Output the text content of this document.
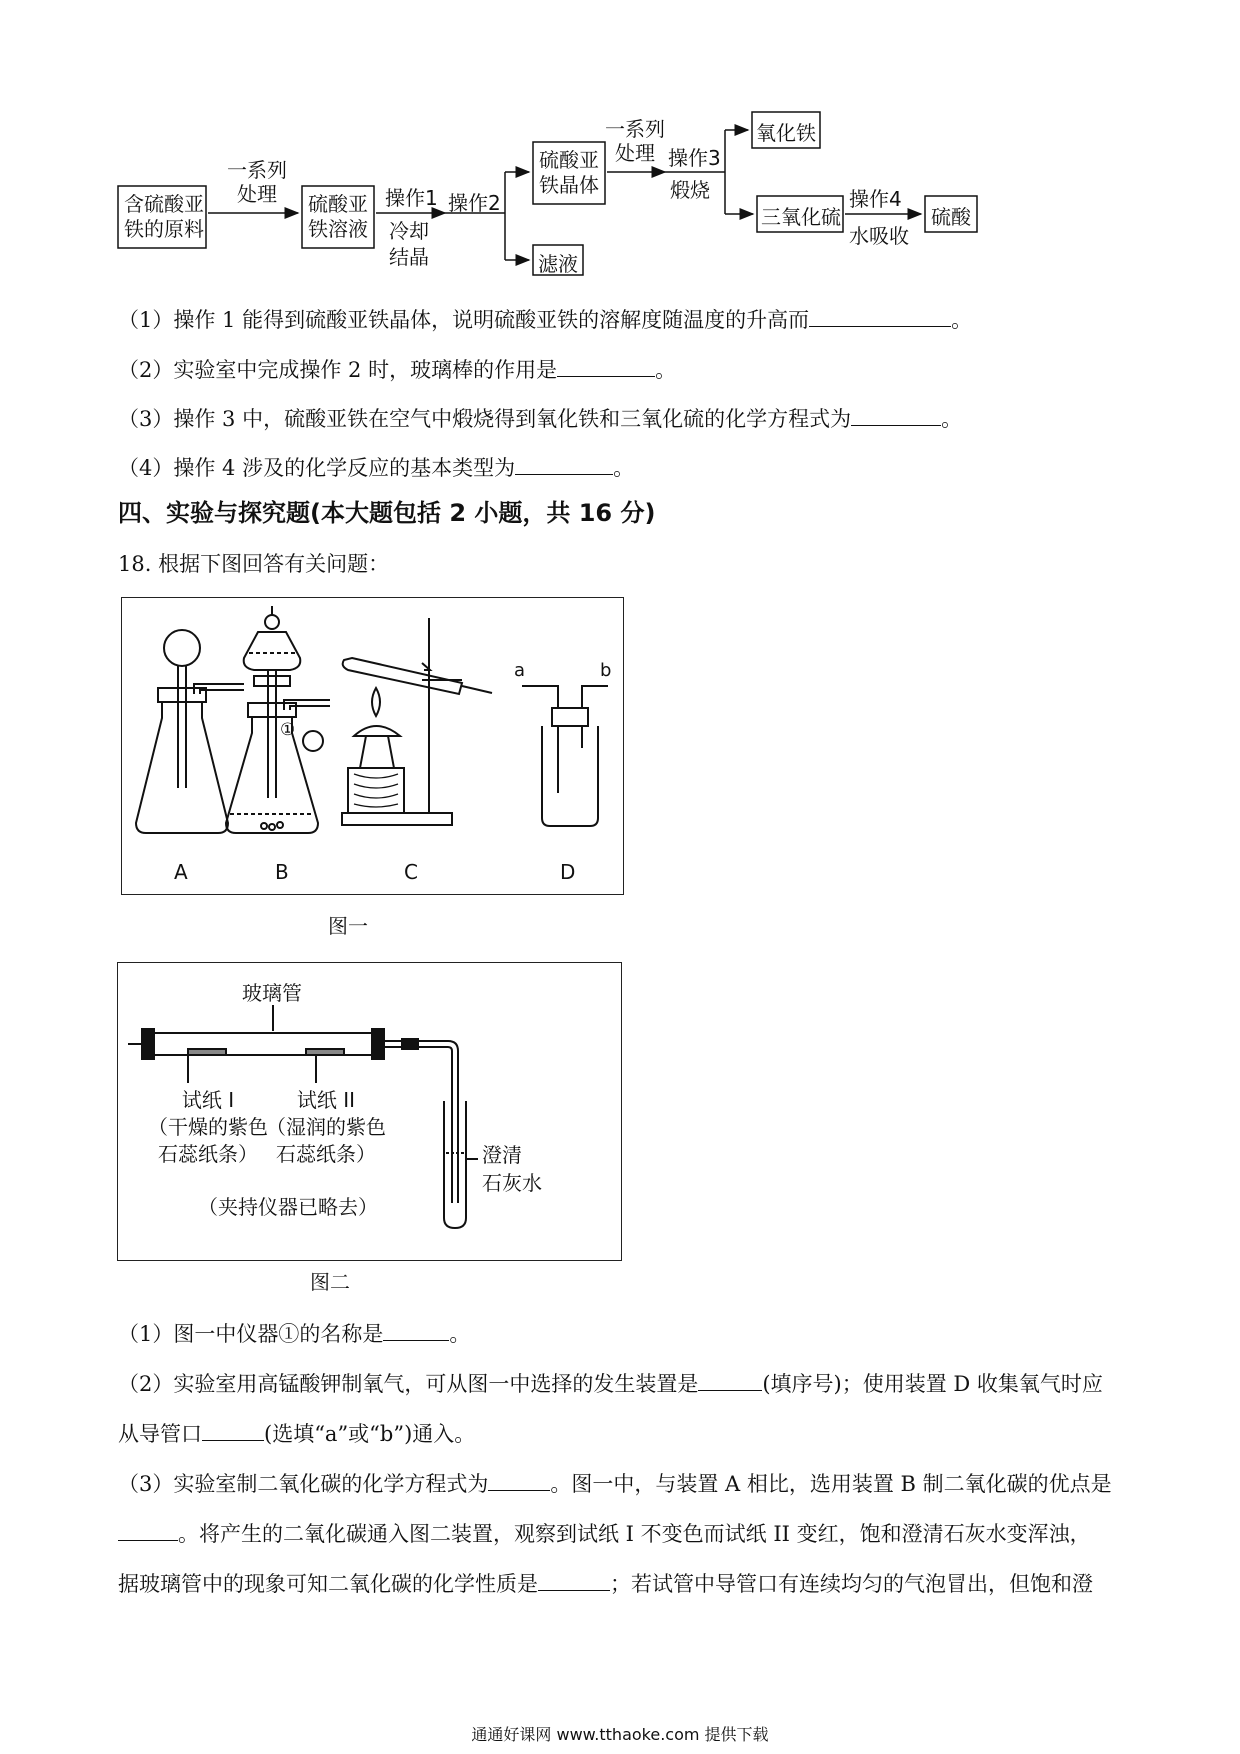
含硫酸亚
铁的原料
一系列
处理	硫酸亚
铁溶液
操作1
冷却
结晶
操作2
硫酸亚
铁晶体
滤液
一系列
处理 操作3
煅烧
氧化铁
三氧化硫
操作4
水吸收
硫酸
（1）操作 1 能得到硫酸亚铁晶体，说明硫酸亚铁的溶解度随温度的升高而	。
（2）实验室中完成操作 2 时，玻璃棒的作用是	。
（3）操作 3 中，硫酸亚铁在空气中煅烧得到氧化铁和三氧化硫的化学方程式为	。
（4）操作 4 涉及的化学反应的基本类型为	。
四、实验与探究题(本大题包括 2 小题，共 16 分)
18. 根据下图回答有关问题：
①
a	b
A	B	C	D
图一
玻璃管
试纸 I
（干燥的紫色
石蕊纸条）
试纸 II
（湿润的紫色
石蕊纸条）
（夹持仪器已略去）
澄清
石灰水
图二
（1）图一中仪器①的名称是	。
（2）实验室用高锰酸钾制氧气，可从图一中选择的发生装置是	(填序号)；使用装置 D 收集氧气时应
从导管口	(选填“a”或“b”)通入。
（3）实验室制二氧化碳的化学方程式为	。图一中，与装置 A 相比，选用装置 B 制二氧化碳的优点是
。将产生的二氧化碳通入图二装置，观察到试纸 I 不变色而试纸 II 变红，饱和澄清石灰水变浑浊，
据玻璃管中的现象可知二氧化碳的化学性质是	；若试管中导管口有连续均匀的气泡冒出，但饱和澄
通通好课网 www.tthaoke.com 提供下载
